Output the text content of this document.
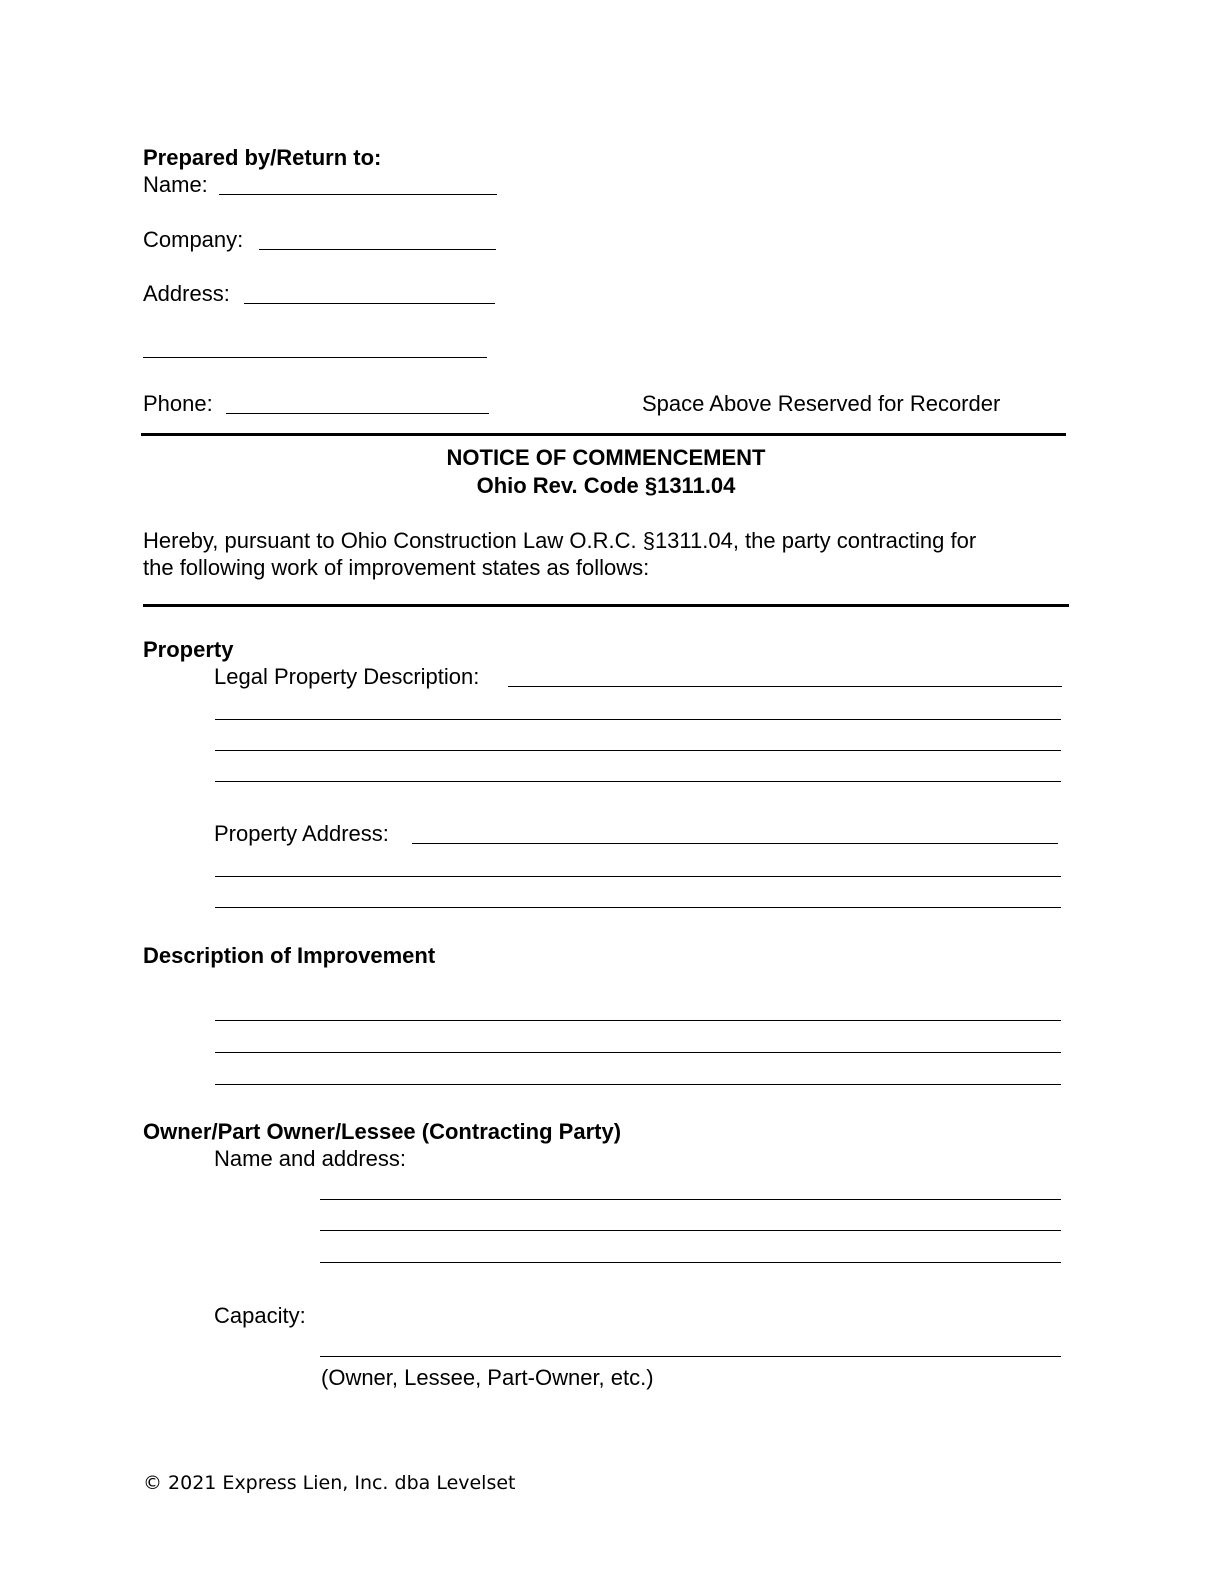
Prepared by/Return to:
Name:
Company:
Address:
Phone:	Space Above Reserved for Recorder
NOTICE OF COMMENCEMENT
Ohio Rev. Code §1311.04
Hereby, pursuant to Ohio Construction Law O.R.C. §1311.04, the party contracting for
the following work of improvement states as follows:
Property
Legal Property Description:
Property Address:
Description of Improvement
Owner/Part Owner/Lessee (Contracting Party)
Name and address:
Capacity:
(Owner, Lessee, Part-Owner, etc.)
© 2021 Express Lien, Inc. dba Levelset
